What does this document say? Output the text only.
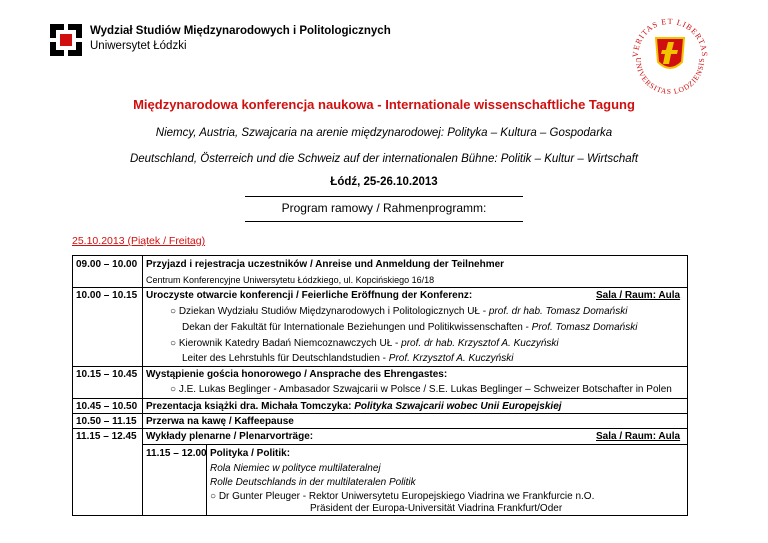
Wydział Studiów Międzynarodowych i Politologicznych
Uniwersytet Łódzki
VERITAS ET LIBERTAS
UNIVERSITAS LODZIENSIS
Międzynarodowa konferencja naukowa - Internationale wissenschaftliche Tagung
Niemcy, Austria, Szwajcaria na arenie międzynarodowej: Polityka – Kultura – Gospodarka
Deutschland, Österreich und die Schweiz auf der internationalen Bühne: Politik – Kultur – Wirtschaft
Łódź, 25-26.10.2013
Program ramowy / Rahmenprogramm:
25.10.2013 (Piątek / Freitag)
09.00 – 10.00 Przyjazd i rejestracja uczestników / Anreise und Anmeldung der Teilnehmer
Centrum Konferencyjne Uniwersytetu Łódzkiego, ul. Kopcińskiego 16/18
10.00 – 10.15 Uroczyste otwarcie konferencji / Feierliche Eröffnung der Konferenz:	Sala / Raum: Aula
○ Dziekan Wydziału Studiów Międzynarodowych i Politologicznych UŁ - prof. dr hab. Tomasz Domański
Dekan der Fakultät für Internationale Beziehungen und Politikwissenschaften - Prof. Tomasz Domański
○ Kierownik Katedry Badań Niemcoznawczych UŁ - prof. dr hab. Krzysztof A. Kuczyński
Leiter des Lehrstuhls für Deutschlandstudien - Prof. Krzysztof A. Kuczyński
10.15 – 10.45 Wystąpienie gościa honorowego / Ansprache des Ehrengastes:
○ J.E. Lukas Beglinger - Ambasador Szwajcarii w Polsce / S.E. Lukas Beglinger – Schweizer Botschafter in Polen
10.45 – 10.50 Prezentacja książki dra. Michała Tomczyka: Polityka Szwajcarii wobec Unii Europejskiej
10.50 – 11.15 Przerwa na kawę / Kaffeepause
11.15 – 12.45 Wykłady plenarne / Plenarvorträge:	Sala / Raum: Aula
11.15 – 12.00 Polityka / Politik:
Rola Niemiec w polityce multilateralnej
Rolle Deutschlands in der multilateralen Politik
○ Dr Gunter Pleuger - Rektor Uniwersytetu Europejskiego Viadrina we Frankfurcie n.O.
Präsident der Europa-Universität Viadrina Frankfurt/Oder
